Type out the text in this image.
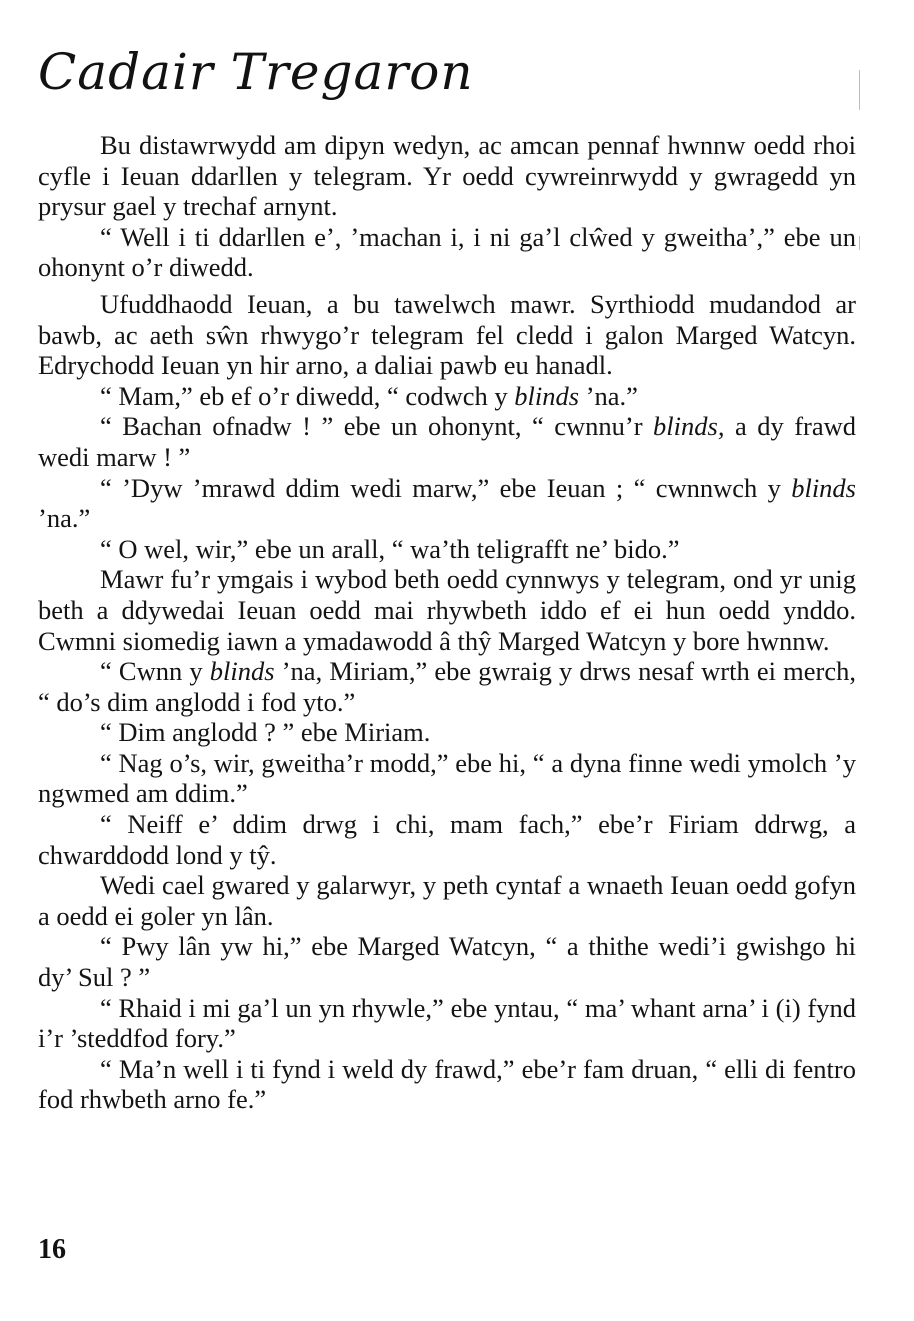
Cadair Tregaron

Bu distawrwydd am dipyn wedyn, ac amcan pennaf hwnnw oedd rhoi cyfle i Ieuan ddarllen y telegram. Yr oedd cywreinrwydd y gwragedd yn prysur gael y trechaf arnynt.

“ Well i ti ddarllen e’, ’machan i, i ni ga’l clŵed y gweitha’,” ebe un ohonynt o’r diwedd.

Ufuddhaodd Ieuan, a bu tawelwch mawr. Syrthiodd mudandod ar bawb, ac aeth sŵn rhwygo’r telegram fel cledd i galon Marged Watcyn. Edrychodd Ieuan yn hir arno, a daliai pawb eu hanadl.

“ Mam,” eb ef o’r diwedd, “ codwch y blinds ’na.”

“ Bachan ofnadw ! ” ebe un ohonynt, “ cwnnu’r blinds, a dy frawd wedi marw ! ”

“ ’Dyw ’mrawd ddim wedi marw,” ebe Ieuan ; “ cwnnwch y blinds ’na.”

“ O wel, wir,” ebe un arall, “ wa’th teligrafft ne’ bido.”

Mawr fu’r ymgais i wybod beth oedd cynnwys y telegram, ond yr unig beth a ddywedai Ieuan oedd mai rhywbeth iddo ef ei hun oedd ynddo. Cwmni siomedig iawn a ymadawodd â thŷ Marged Watcyn y bore hwnnw.

“ Cwnn y blinds ’na, Miriam,” ebe gwraig y drws nesaf wrth ei merch, “ do’s dim anglodd i fod yto.”

“ Dim anglodd ? ” ebe Miriam.

“ Nag o’s, wir, gweitha’r modd,” ebe hi, “ a dyna finne wedi ymolch ’y ngwmed am ddim.”

“ Neiff e’ ddim drwg i chi, mam fach,” ebe’r Firiam ddrwg, a chwarddodd lond y tŷ.

Wedi cael gwared y galarwyr, y peth cyntaf a wnaeth Ieuan oedd gofyn a oedd ei goler yn lân.

“ Pwy lân yw hi,” ebe Marged Watcyn, “ a thithe wedi’i gwishgo hi dy’ Sul ? ”

“ Rhaid i mi ga’l un yn rhywle,” ebe yntau, “ ma’ whant arna’ i (i) fynd i’r ’steddfod fory.”

“ Ma’n well i ti fynd i weld dy frawd,” ebe’r fam druan, “ elli di fentro fod rhwbeth arno fe.”

16
